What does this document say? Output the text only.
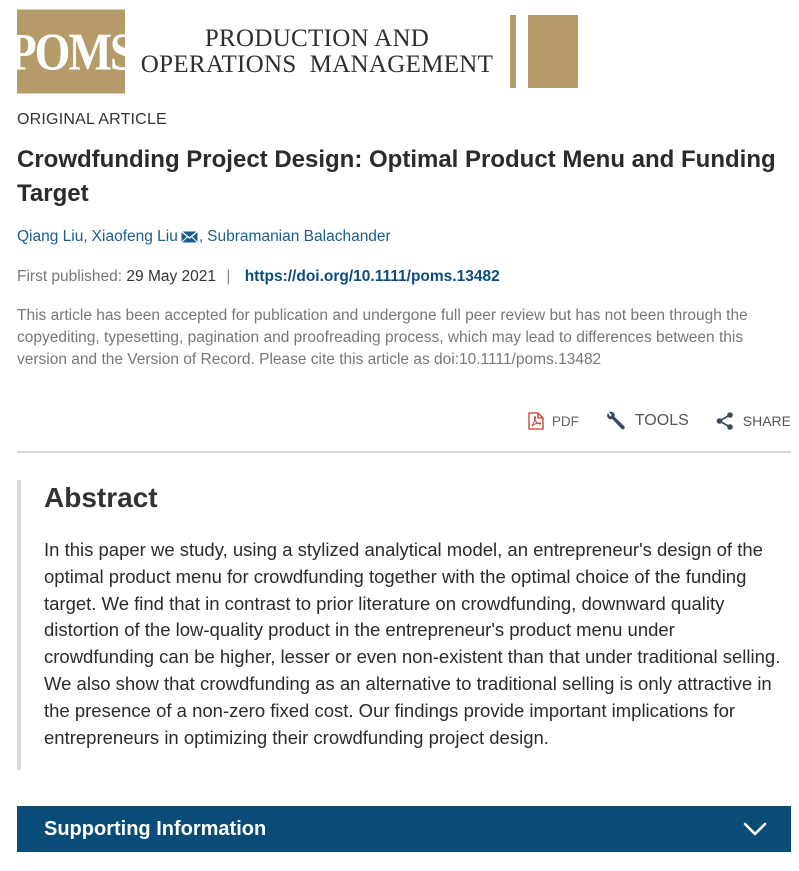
POMS	PRODUCTION AND
OPERATIONS  MANAGEMENT
ORIGINAL ARTICLE
Crowdfunding Project Design: Optimal Product Menu and Funding Target
Qiang Liu , Xiaofeng Liu , Subramanian Balachander
First published: 29 May 2021 | https://doi.org/10.1111/poms.13482

This article has been accepted for publication and undergone full peer review but has not been through the copyediting, typesetting, pagination and proofreading process, which may lead to differences between this version and the Version of Record. Please cite this article as doi:10.1111/poms.13482

PDF	TOOLS	SHARE
Abstract

In this paper we study, using a stylized analytical model, an entrepreneur's design of the optimal product menu for crowdfunding together with the optimal choice of the funding target. We find that in contrast to prior literature on crowdfunding, downward quality distortion of the low-quality product in the entrepreneur's product menu under crowdfunding can be higher, lesser or even non-existent than that under traditional selling. We also show that crowdfunding as an alternative to traditional selling is only attractive in the presence of a non-zero fixed cost. Our findings provide important implications for entrepreneurs in optimizing their crowdfunding project design.

Supporting Information
